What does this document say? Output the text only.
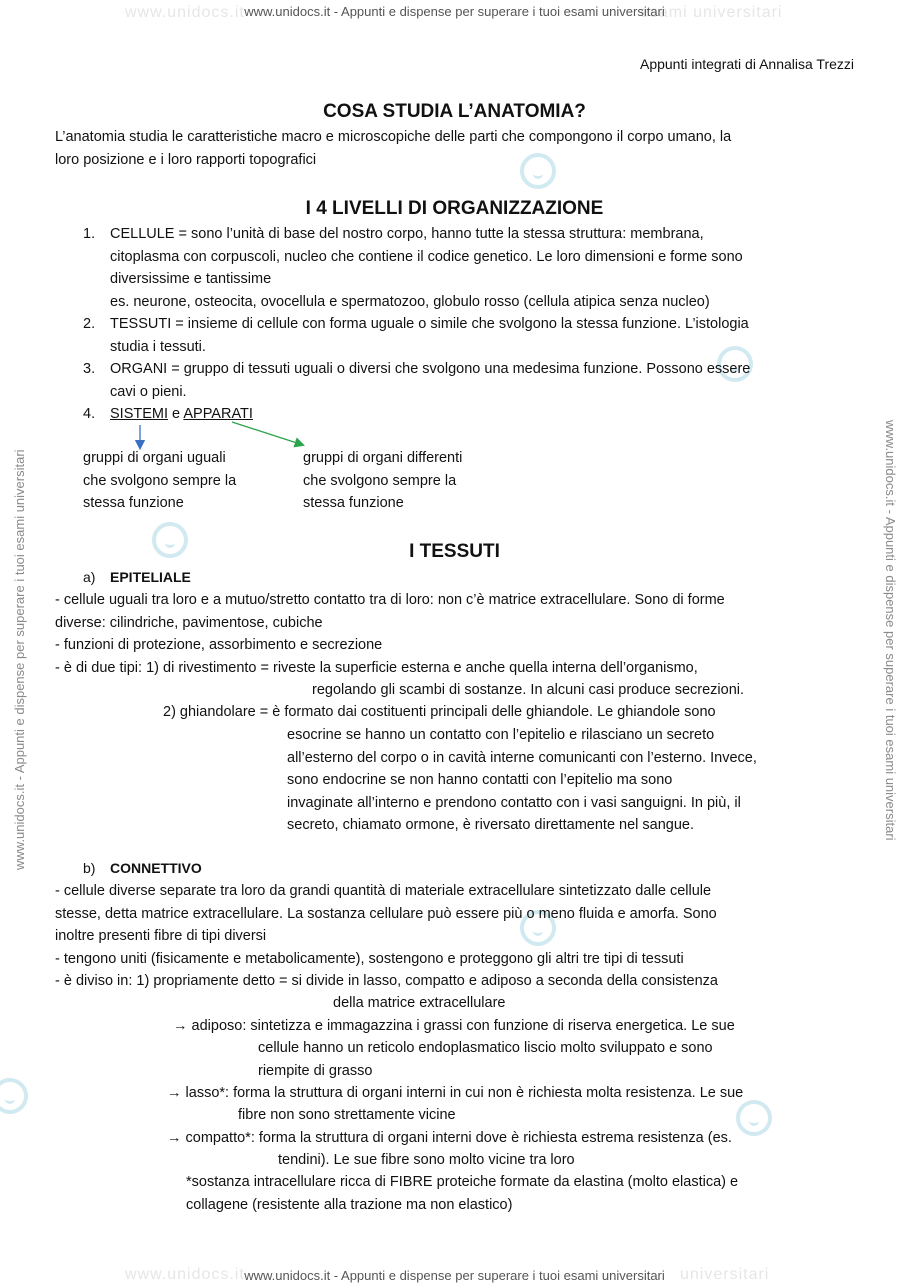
www.unidocs.it	esami universitari
www.unidocs.it - Appunti e dispense per superare i tuoi esami universitari
www.unidocs.it	universitari
www.unidocs.it - Appunti e dispense per superare i tuoi esami universitari
www.unidocs.it - Appunti e dispense per superare i tuoi esami universitari	www.unidocs.it - Appunti e dispense per superare i tuoi esami universitari
Appunti integrati di Annalisa Trezzi
COSA STUDIA L’ANATOMIA?
L’anatomia studia le caratteristiche macro e microscopiche delle parti che compongono il corpo umano, la
loro posizione e i loro rapporti topografici
I 4 LIVELLI DI ORGANIZZAZIONE
1. CELLULE = sono l’unità di base del nostro corpo, hanno tutte la stessa struttura: membrana,
citoplasma con corpuscoli, nucleo che contiene il codice genetico. Le loro dimensioni e forme sono
diversissime e tantissime
es. neurone, osteocita, ovocellula e spermatozoo, globulo rosso (cellula atipica senza nucleo)
2. TESSUTI = insieme di cellule con forma uguale o simile che svolgono la stessa funzione. L’istologia
studia i tessuti.
3. ORGANI = gruppo di tessuti uguali o diversi che svolgono una medesima funzione. Possono essere
cavi o pieni.
4. SISTEMI e APPARATI
gruppi di organi uguali
che svolgono sempre la
stessa funzione
gruppi di organi differenti
che svolgono sempre la
stessa funzione
I TESSUTI
a) EPITELIALE
- cellule uguali tra loro e a mutuo/stretto contatto tra di loro: non c’è matrice extracellulare. Sono di forme
diverse: cilindriche, pavimentose, cubiche
- funzioni di protezione, assorbimento e secrezione
- è di due tipi: 1) di rivestimento = riveste la superficie esterna e anche quella interna dell’organismo,
regolando gli scambi di sostanze. In alcuni casi produce secrezioni.
2) ghiandolare = è formato dai costituenti principali delle ghiandole. Le ghiandole sono
esocrine se hanno un contatto con l’epitelio e rilasciano un secreto
all’esterno del corpo o in cavità interne comunicanti con l’esterno. Invece,
sono endocrine se non hanno contatti con l’epitelio ma sono
invaginate all’interno e prendono contatto con i vasi sanguigni. In più, il
secreto, chiamato ormone, è riversato direttamente nel sangue.
b) CONNETTIVO
- cellule diverse separate tra loro da grandi quantità di materiale extracellulare sintetizzato dalle cellule
stesse, detta matrice extracellulare. La sostanza cellulare può essere più o meno fluida e amorfa. Sono
inoltre presenti fibre di tipi diversi
- tengono uniti (fisicamente e metabolicamente), sostengono e proteggono gli altri tre tipi di tessuti
- è diviso in: 1) propriamente detto = si divide in lasso, compatto e adiposo a seconda della consistenza
della matrice extracellulare
→ adiposo: sintetizza e immagazzina i grassi con funzione di riserva energetica. Le sue
cellule hanno un reticolo endoplasmatico liscio molto sviluppato e sono
riempite di grasso
→ lasso*: forma la struttura di organi interni in cui non è richiesta molta resistenza. Le sue
fibre non sono strettamente vicine
→ compatto*: forma la struttura di organi interni dove è richiesta estrema resistenza (es.
tendini). Le sue fibre sono molto vicine tra loro
*sostanza intracellulare ricca di FIBRE proteiche formate da elastina (molto elastica) e
collagene (resistente alla trazione ma non elastico)
